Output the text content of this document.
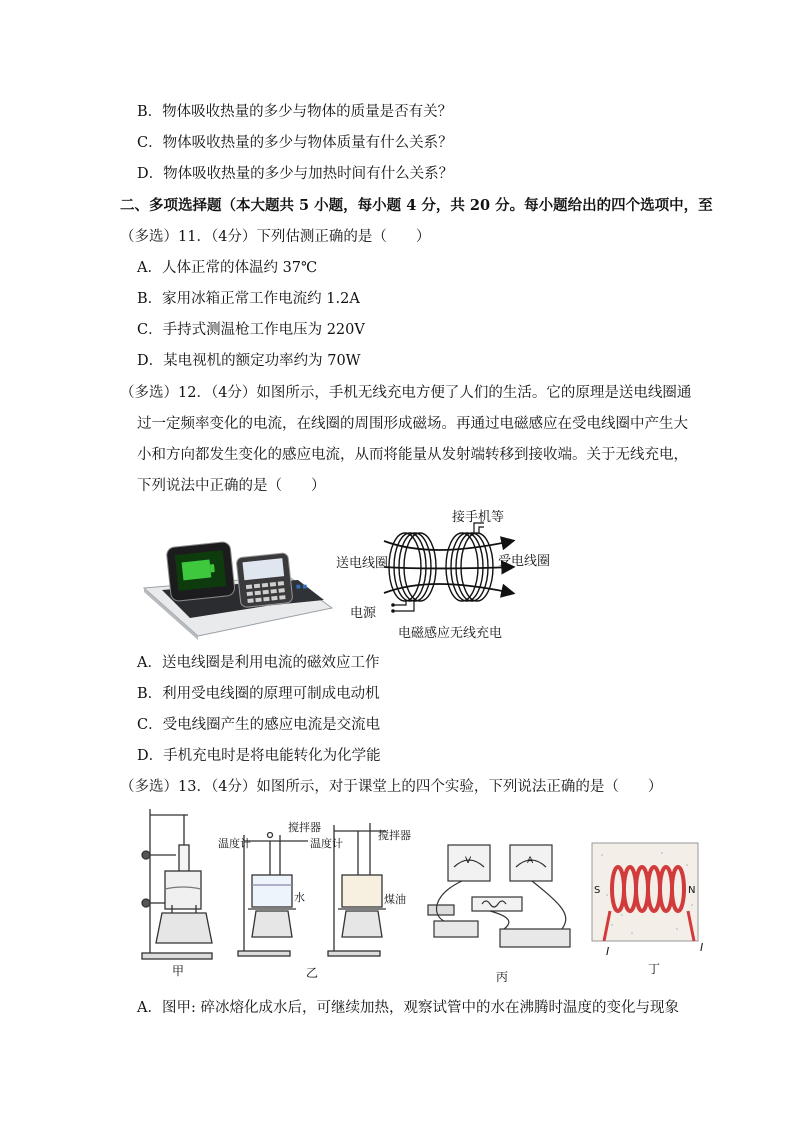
B．物体吸收热量的多少与物体的质量是否有关？
C．物体吸收热量的多少与物体质量有什么关系？
D．物体吸收热量的多少与加热时间有什么关系？
二、多项选择题（本大题共 5 小题，每小题 4 分，共 20 分。每小题给出的四个选项中，至
（多选）11．（4分）下列估测正确的是（　　）
A．人体正常的体温约 37℃
B．家用冰箱正常工作电流约 1.2A
C．手持式测温枪工作电压为 220V
D．某电视机的额定功率约为 70W
（多选）12．（4分）如图所示，手机无线充电方便了人们的生活。它的原理是送电线圈通
过一定频率变化的电流，在线圈的周围形成磁场。再通过电磁感应在受电线圈中产生大
小和方向都发生变化的感应电流，从而将能量从发射端转移到接收端。关于无线充电，
下列说法中正确的是（　　）
■ ■
接手机等
送电线圈	受电线圈
电源
电磁感应无线充电
A．送电线圈是利用电流的磁效应工作
B．利用受电线圈的原理可制成电动机
C．受电线圈产生的感应电流是交流电
D．手机充电时是将电能转化为化学能
（多选）13．（4分）如图所示，对于课堂上的四个实验，下列说法正确的是（　　）
甲
温度计
搅拌器
水
乙
温度计
搅拌器
煤油
V	A
丙
S	N
I	I
丁
A．图甲: 碎冰熔化成水后，可继续加热，观察试管中的水在沸腾时温度的变化与现象
